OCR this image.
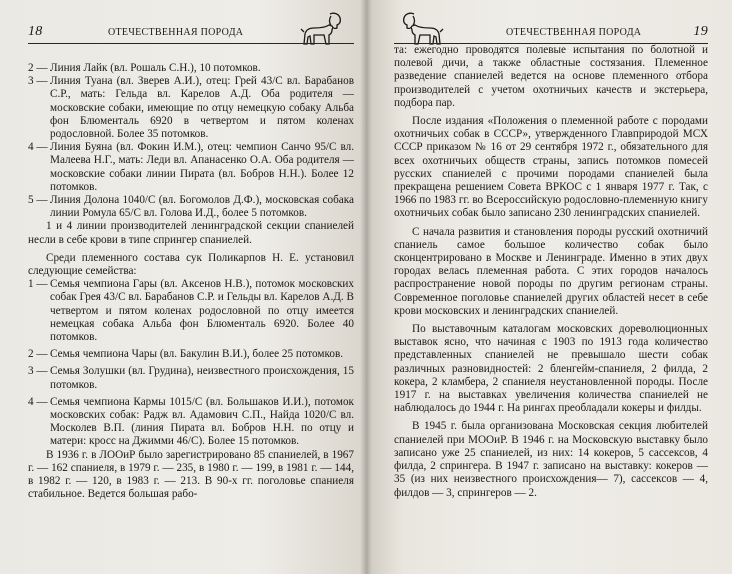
18	ОТЕЧЕСТВЕННАЯ ПОРОДА
2 — Линия Лайк (вл. Рошаль С.Н.), 10 потомков.
3 — Линия Туана (вл. Зверев А.И.), отец: Грей 43/С вл. Барабанов С.Р., мать: Гельда вл. Карелов А.Д. Оба родителя — московские собаки, имеющие по отцу немецкую собаку Альба фон Блюменталь 6920 в четвертом и пятом коленах родословной. Более 35 потомков.
4 — Линия Буяна (вл. Фокин И.М.), отец: чемпион Санчо 95/С вл. Малеева Н.Г., мать: Леди вл. Апанасенко О.А. Оба родителя — московские собаки линии Пирата (вл. Бобров Н.Н.). Более 12 потомков.
5 — Линия Долона 1040/С (вл. Богомолов Д.Ф.), московская собака линии Ромула 65/С вл. Голова И.Д., более 5 потомков.

1 и 4 линии производителей ленинградской секции спаниелей несли в себе крови в типе спрингер спаниелей.

Среди племенного состава сук Поликарпов Н. Е. установил следующие семейства:

1 — Семья чемпиона Гары (вл. Аксенов Н.В.), потомок московских собак Грея 43/С вл. Барабанов С.Р. и Гельды вл. Карелов А.Д. В четвертом и пятом коленах родословной по отцу имеется немецкая собака Альба фон Блюменталь 6920. Более 40 потомков.
2 — Семья чемпиона Чары (вл. Бакулин В.И.), более 25 потомков.
3 — Семья Золушки (вл. Грудина), неизвестного происхождения, 15 потомков.
4 — Семья чемпиона Кармы 1015/С (вл. Большаков И.И.), потомок московских собак: Радж вл. Адамович С.П., Найда 1020/С вл. Москолев В.П. (линия Пирата вл. Бобров Н.Н. по отцу и матери: кросс на Джимми 46/С). Более 15 потомков.

В 1936 г. в ЛООиР было зарегистрировано 85 спаниелей, в 1967 г. — 162 спаниеля, в 1979 г. — 235, в 1980 г. — 199, в 1981 г. — 144, в 1982 г. — 120, в 1983 г. — 213. В 90-х гг. поголовье спаниеля стабильное. Ведется большая рабо-

ОТЕЧЕСТВЕННАЯ ПОРОДА	19

та: ежегодно проводятся полевые испытания по болотной и полевой дичи, а также областные состязания. Племенное разведение спаниелей ведется на основе племенного отбора производителей с учетом охотничьих качеств и экстерьера, подбора пар.

После издания «Положения о племенной работе с породами охотничьих собак в СССР», утвержденного Главприродой МСХ СССР приказом № 16 от 29 сентября 1972 г., обязательного для всех охотничьих обществ страны, запись потомков помесей русских спаниелей с прочими породами спаниелей была прекращена решением Совета ВРКОС с 1 января 1977 г. Так, с 1966 по 1983 гг. во Всероссийскую родословно-племенную книгу охотничьих собак было записано 230 ленинградских спаниелей.

С начала развития и становления породы русский охотничий спаниель самое большое количество собак было сконцентрировано в Москве и Ленинграде. Именно в этих двух городах велась племенная работа. С этих городов началось распространение новой породы по другим регионам страны. Современное поголовье спаниелей других областей несет в себе крови московских и ленинградских спаниелей.

По выставочным каталогам московских дореволюционных выставок ясно, что начиная с 1903 по 1913 года количество представленных спаниелей не превышало шести собак различных разновидностей: 2 бленгейм-спаниеля, 2 филда, 2 кокера, 2 кламбера, 2 спаниеля неустановленной породы. После 1917 г. на выставках увеличения количества спаниелей не наблюдалось до 1944 г. На рингах преобладали кокеры и филды.

В 1945 г. была организована Московская секция любителей спаниелей при МООиР. В 1946 г. на Московскую выставку было записано уже 25 спаниелей, из них: 14 кокеров, 5 сассексов, 4 филда, 2 спрингера. В 1947 г. записано на выставку: кокеров — 35 (из них неизвестного происхождения— 7), сассексов — 4, филдов — 3, спрингеров — 2.
